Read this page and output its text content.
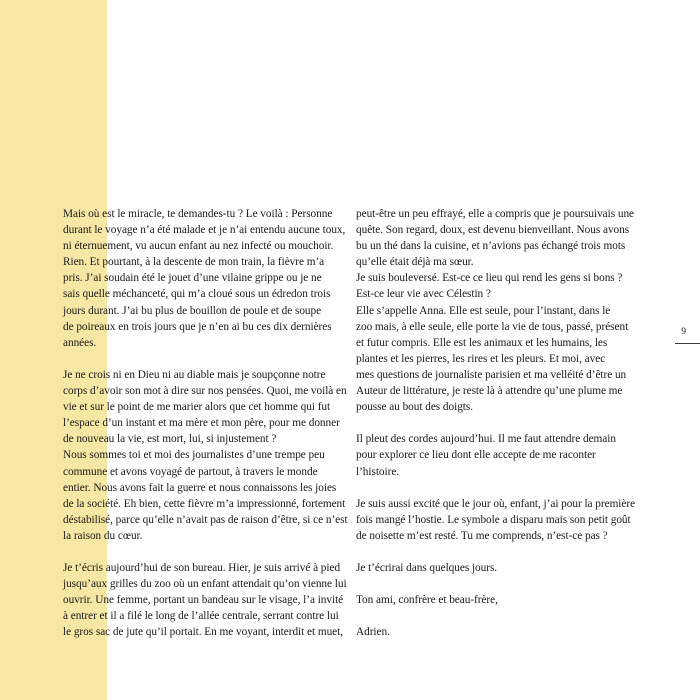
Mais où est le miracle, te demandes-tu ? Le voilà : Personne
durant le voyage n’a été malade et je n’ai entendu aucune toux,
ni éternuement, vu aucun enfant au nez infecté ou mouchoir.
Rien. Et pourtant, à la descente de mon train, la fièvre m’a
pris. J’ai soudain été le jouet d’une vilaine grippe ou je ne
sais quelle méchanceté, qui m’a cloué sous un édredon trois
jours durant. J’ai bu plus de bouillon de poule et de soupe
de poireaux en trois jours que je n’en ai bu ces dix dernières
années.

Je ne crois ni en Dieu ni au diable mais je soupçonne notre
corps d’avoir son mot à dire sur nos pensées. Quoi, me voilà en
vie et sur le point de me marier alors que cet homme qui fut
l’espace d’un instant et ma mère et mon père, pour me donner
de nouveau la vie, est mort, lui, si injustement ?
Nous sommes toi et moi des journalistes d’une trempe peu
commune et avons voyagé de partout, à travers le monde
entier. Nous avons fait la guerre et nous connaissons les joies
de la société. Eh bien, cette fièvre m’a impressionné, fortement
déstabilisé, parce qu’elle n’avait pas de raison d’être, si ce n’est
la raison du cœur.

Je t’écris aujourd’hui de son bureau. Hier, je suis arrivé à pied
jusqu’aux grilles du zoo où un enfant attendait qu’on vienne lui
ouvrir. Une femme, portant un bandeau sur le visage, l’a invité
à entrer et il a filé le long de l’allée centrale, serrant contre lui
le gros sac de jute qu’il portait. En me voyant, interdit et muet,

peut-être un peu effrayé, elle a compris que je poursuivais une
quête. Son regard, doux, est devenu bienveillant. Nous avons
bu un thé dans la cuisine, et n’avions pas échangé trois mots
qu’elle était déjà ma sœur.
Je suis bouleversé. Est-ce ce lieu qui rend les gens si bons ?
Est-ce leur vie avec Célestin ?
Elle s’appelle Anna. Elle est seule, pour l’instant, dans le
zoo mais, à elle seule, elle porte la vie de tous, passé, présent
et futur compris. Elle est les animaux et les humains, les
plantes et les pierres, les rires et les pleurs. Et moi, avec
mes questions de journaliste parisien et ma velléité d’être un
Auteur de littérature, je reste là à attendre qu’une plume me
pousse au bout des doigts.

Il pleut des cordes aujourd’hui. Il me faut attendre demain
pour explorer ce lieu dont elle accepte de me raconter
l’histoire.

Je suis aussi excité que le jour où, enfant, j’ai pour la première
fois mangé l’hostie. Le symbole a disparu mais son petit goût
de noisette m’est resté. Tu me comprends, n’est-ce pas ?

Je t’écrirai dans quelques jours.

Ton ami, confrère et beau-frère,

Adrien.

9
